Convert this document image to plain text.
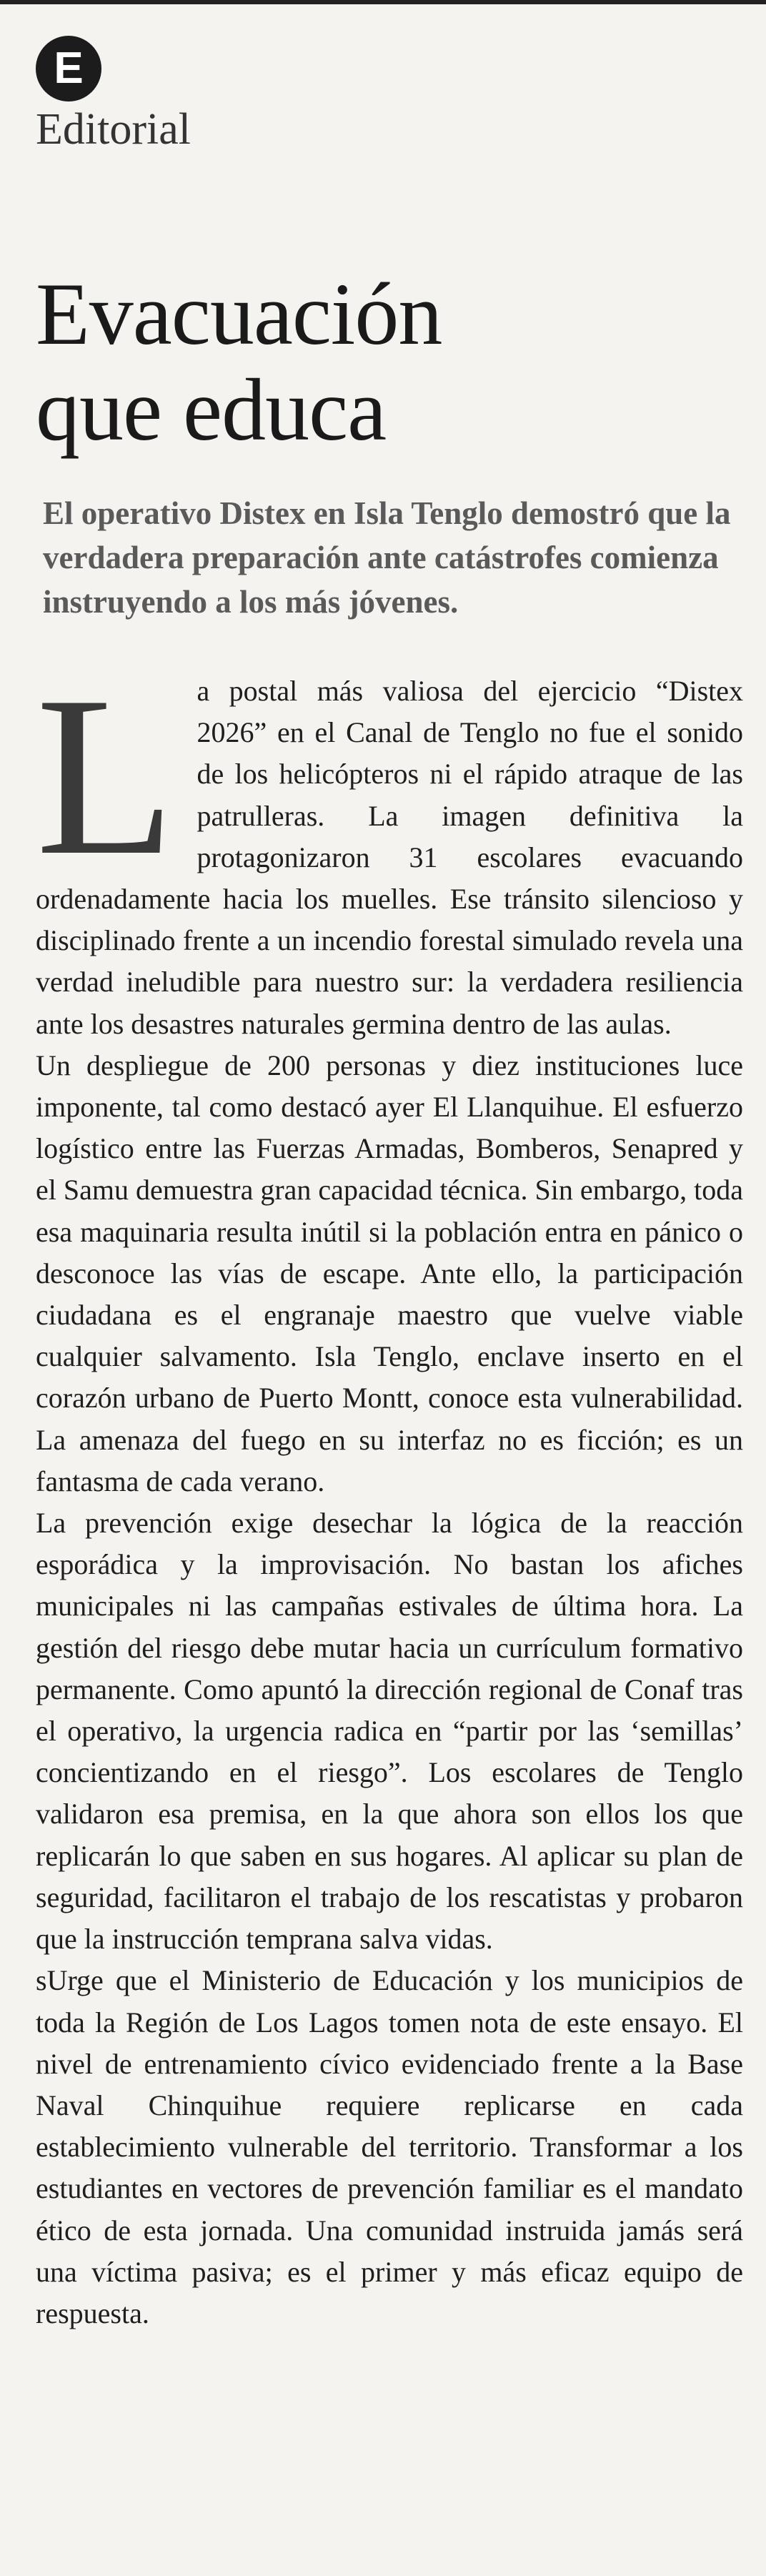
E
Editorial
Evacuación
que educa

El operativo Distex en Isla Tenglo demostró que la verdadera preparación ante catástrofes comienza instruyendo a los más jóvenes.

La postal más valiosa del ejercicio “Distex 2026” en el Canal de Tenglo no fue el sonido de los helicópteros ni el rápido atraque de las patrulleras. La imagen definitiva la protagonizaron 31 escolares evacuando ordenadamente hacia los muelles. Ese tránsito silencioso y disciplinado frente a un incendio forestal simulado revela una verdad ineludible para nuestro sur: la verdadera resiliencia ante los desastres naturales germina dentro de las aulas.

Un despliegue de 200 personas y diez instituciones luce imponente, tal como destacó ayer El Llanquihue. El esfuerzo logístico entre las Fuerzas Armadas, Bomberos, Senapred y el Samu demuestra gran capacidad técnica. Sin embargo, toda esa maquinaria resulta inútil si la población entra en pánico o desconoce las vías de escape. Ante ello, la participación ciudadana es el engranaje maestro que vuelve viable cualquier salvamento. Isla Tenglo, enclave inserto en el corazón urbano de Puerto Montt, conoce esta vulnerabilidad. La amenaza del fuego en su interfaz no es ficción; es un fantasma de cada verano.

La prevención exige desechar la lógica de la reacción esporádica y la improvisación. No bastan los afiches municipales ni las campañas estivales de última hora. La gestión del riesgo debe mutar hacia un currículum formativo permanente. Como apuntó la dirección regional de Conaf tras el operativo, la urgencia radica en “partir por las ‘semillas’ concientizando en el riesgo”. Los escolares de Tenglo validaron esa premisa, en la que ahora son ellos los que replicarán lo que saben en sus hogares. Al aplicar su plan de seguridad, facilitaron el trabajo de los rescatistas y probaron que la instrucción temprana salva vidas.

sUrge que el Ministerio de Educación y los municipios de toda la Región de Los Lagos tomen nota de este ensayo. El nivel de entrenamiento cívico evidenciado frente a la Base Naval Chinquihue requiere replicarse en cada establecimiento vulnerable del territorio. Transformar a los estudiantes en vectores de prevención familiar es el mandato ético de esta jornada. Una comunidad instruida jamás será una víctima pasiva; es el primer y más eficaz equipo de respuesta.
